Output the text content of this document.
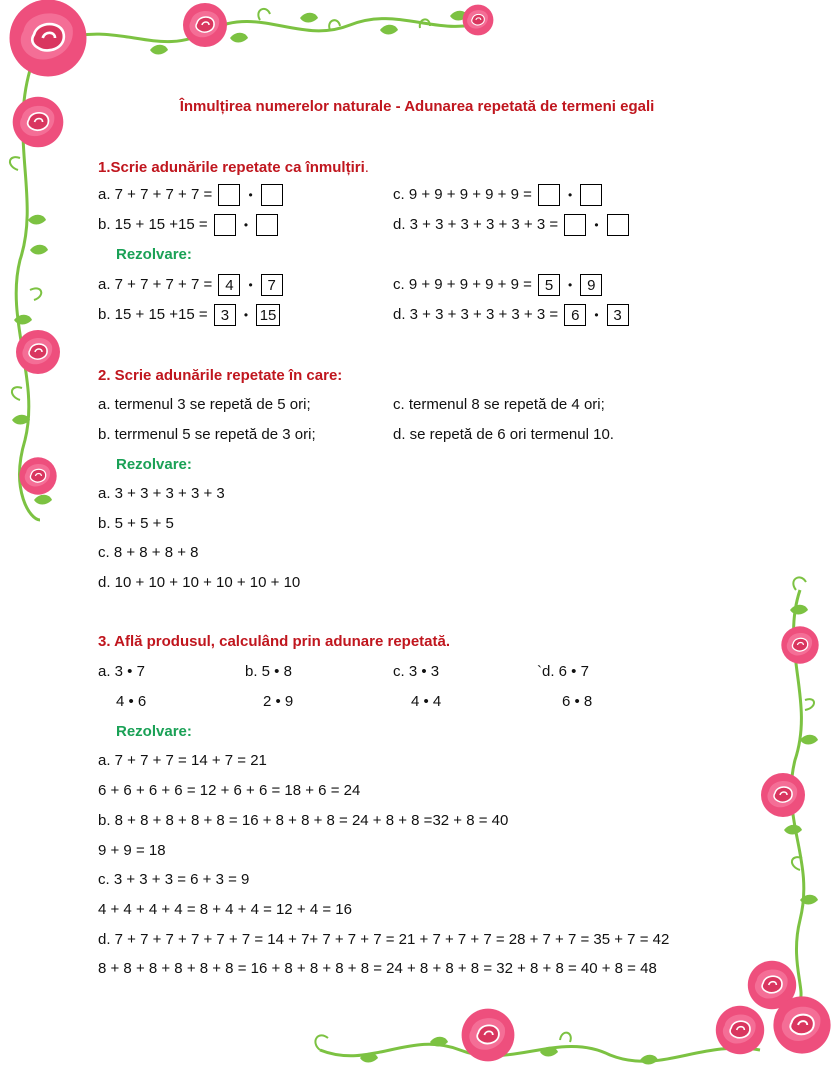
Înmulțirea numerelor naturale - Adunarea repetată de termeni egali
1.Scrie adunările repetate ca înmulțiri.
a. 7 + 7 + 7 + 7 =	•	c. 9 + 9 + 9 + 9 + 9 =	•
b. 15 + 15 +15 =	•	d. 3 + 3 + 3 + 3 + 3 + 3 =	•
Rezolvare:
a. 7 + 7 + 7 + 7 = 4 • 7	c. 9 + 9 + 9 + 9 + 9 = 5 • 9
b. 15 + 15 +15 = 3 • 15	d. 3 + 3 + 3 + 3 + 3 + 3 = 6 • 3
2. Scrie adunările repetate în care:
a. termenul 3 se repetă de 5 ori;	c. termenul 8 se repetă de 4 ori;
b. terrmenul 5 se repetă de 3 ori;	d. se repetă de 6 ori termenul 10.
Rezolvare:
a. 3 + 3 + 3 + 3 + 3
b. 5 + 5 + 5
c. 8 + 8 + 8 + 8
d. 10 + 10 + 10 + 10 + 10 + 10
3. Află produsul, calculând prin adunare repetată.
a. 3 • 7	b. 5 • 8	c. 3 • 3	`d. 6 • 7
4 • 6	2 • 9	4 • 4	6 • 8
Rezolvare:
a. 7 + 7 + 7 = 14 + 7 = 21
6 + 6 + 6 + 6 = 12 + 6 + 6 = 18 + 6 = 24
b. 8 + 8 + 8 + 8 + 8 = 16 + 8 + 8 + 8 = 24 + 8 + 8 =32 + 8 = 40
9 + 9 = 18
c. 3 + 3 + 3 = 6 + 3 = 9
4 + 4 + 4 + 4 = 8 + 4 + 4 = 12 + 4 = 16
d. 7 + 7 + 7 + 7 + 7 + 7 = 14 + 7+ 7 + 7 + 7 = 21 + 7 + 7 + 7 = 28 + 7 + 7 = 35 + 7 = 42
8 + 8 + 8 + 8 + 8 + 8 = 16 + 8 + 8 + 8 + 8 = 24 + 8 + 8 + 8 = 32 + 8 + 8 = 40 + 8 = 48
